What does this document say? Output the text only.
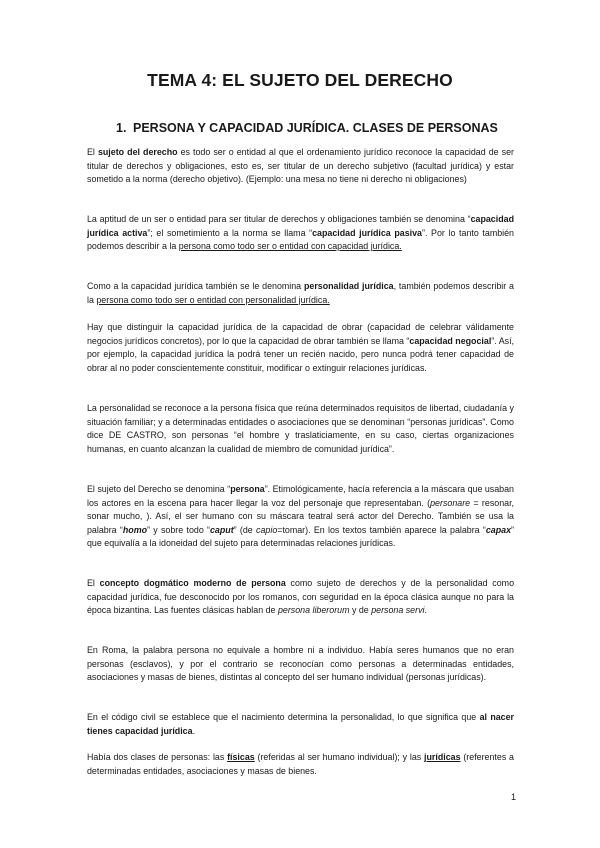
TEMA 4: EL SUJETO DEL DERECHO
1. PERSONA Y CAPACIDAD JURÍDICA. CLASES DE PERSONAS

El sujeto del derecho es todo ser o entidad al que el ordenamiento jurídico reconoce la capacidad de ser titular de derechos y obligaciones, esto es, ser titular de un derecho subjetivo (facultad jurídica) y estar sometido a la norma (derecho objetivo). (Ejemplo: una mesa no tiene ni derecho ni obligaciones)

La aptitud de un ser o entidad para ser titular de derechos y obligaciones también se denomina “capacidad jurídica activa”; el sometimiento a la norma se llama “capacidad jurídica pasiva”. Por lo tanto también podemos describir a la persona como todo ser o entidad con capacidad jurídica.

Como a la capacidad jurídica también se le denomina personalidad jurídica, también podemos describir a la persona como todo ser o entidad con personalidad jurídica.

Hay que distinguir la capacidad jurídica de la capacidad de obrar (capacidad de celebrar válidamente negocios jurídicos concretos), por lo que la capacidad de obrar también se llama “capacidad negocial”. Así, por ejemplo, la capacidad jurídica la podrá tener un recién nacido, pero nunca podrá tener capacidad de obrar al no poder conscientemente constituir, modificar o extinguir relaciones jurídicas.

La personalidad se reconoce a la persona física que reúna determinados requisitos de libertad, ciudadanía y situación familiar; y a determinadas entidades o asociaciones que se denominan “personas jurídicas”. Como dice DE CASTRO, son personas “el hombre y traslaticiamente, en su caso, ciertas organizaciones humanas, en cuanto alcanzan la cualidad de miembro de comunidad jurídica”.

El sujeto del Derecho se denomina “persona”. Etimológicamente, hacía referencia a la máscara que usaban los actores en la escena para hacer llegar la voz del personaje que representaban. (personare = resonar, sonar mucho, ). Así, el ser humano con su máscara teatral será actor del Derecho. También se usa la palabra “homo” y sobre todo “caput” (de capio=tomar). En los textos también aparece la palabra “capax” que equivalía a la idoneidad del sujeto para determinadas relaciones jurídicas.

El concepto dogmático moderno de persona como sujeto de derechos y de la personalidad como capacidad jurídica, fue desconocido por los romanos, con seguridad en la época clásica aunque no para la época bizantina. Las fuentes clásicas hablan de persona liberorum y de persona servi.

En Roma, la palabra persona no equivale a hombre ni a individuo. Había seres humanos que no eran personas (esclavos), y por el contrario se reconocían como personas a determinadas entidades, asociaciones y masas de bienes, distintas al concepto del ser humano individual (personas jurídicas).

En el código civil se establece que el nacimiento determina la personalidad, lo que significa que al nacer tienes capacidad jurídica.

Había dos clases de personas: las físicas (referidas al ser humano individual); y las jurídicas (referentes a determinadas entidades, asociaciones y masas de bienes.

1
